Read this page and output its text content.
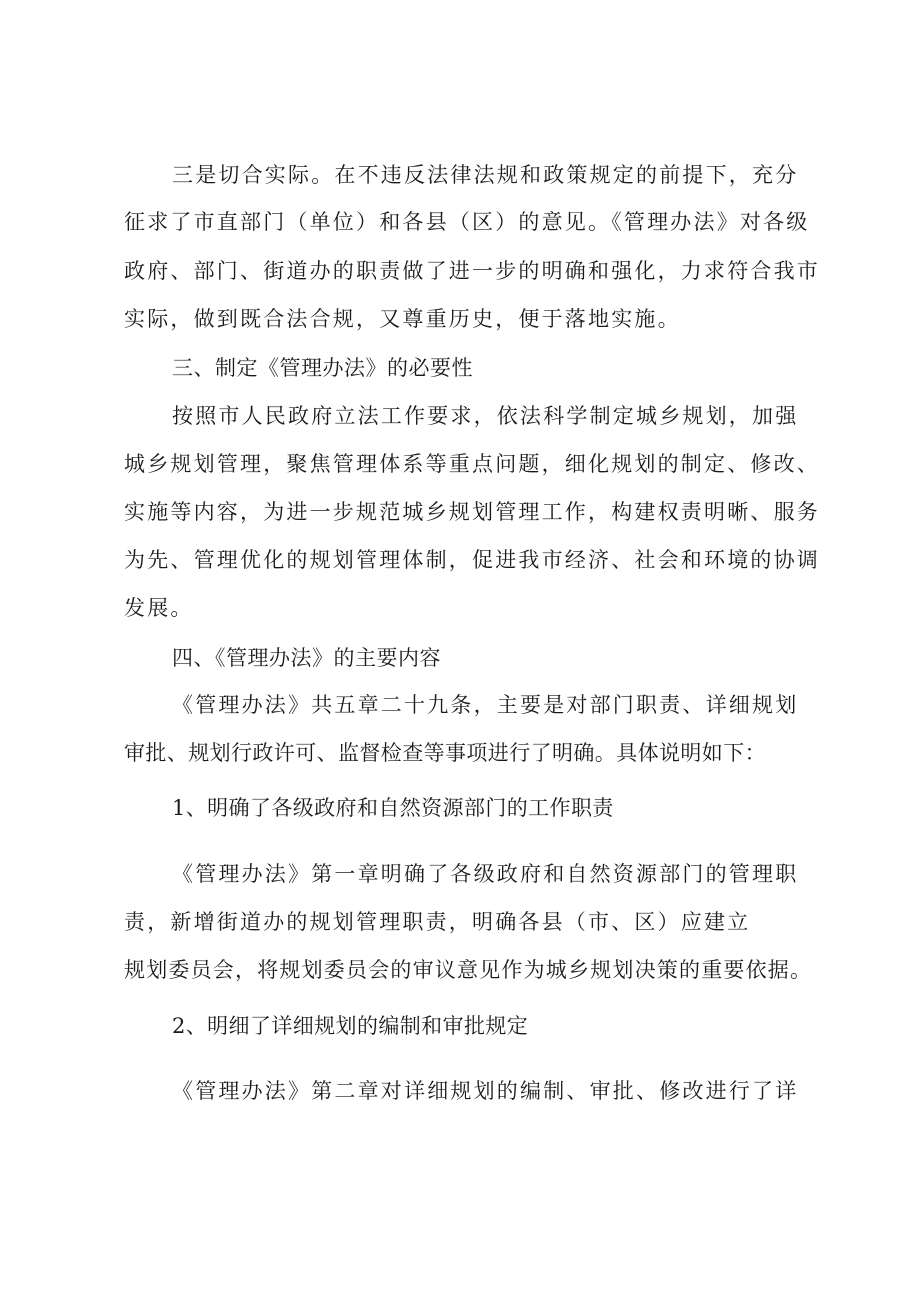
三是切合实际。在不违反法律法规和政策规定的前提下，充分
征求了市直部门（单位）和各县（区）的意见。《管理办法》对各级
政府、部门、街道办的职责做了进一步的明确和强化，力求符合我市
实际，做到既合法合规，又尊重历史，便于落地实施。
三、制定《管理办法》的必要性
按照市人民政府立法工作要求，依法科学制定城乡规划，加强
城乡规划管理，聚焦管理体系等重点问题，细化规划的制定、修改、
实施等内容，为进一步规范城乡规划管理工作，构建权责明晰、服务
为先、管理优化的规划管理体制，促进我市经济、社会和环境的协调
发展。
四、《管理办法》的主要内容
《管理办法》共五章二十九条，主要是对部门职责、详细规划
审批、规划行政许可、监督检查等事项进行了明确。具体说明如下：
1、明确了各级政府和自然资源部门的工作职责
《管理办法》第一章明确了各级政府和自然资源部门的管理职
责，新增街道办的规划管理职责，明确各县（市、区）应建立
规划委员会，将规划委员会的审议意见作为城乡规划决策的重要依据。
2、明细了详细规划的编制和审批规定
《管理办法》第二章对详细规划的编制、审批、修改进行了详
